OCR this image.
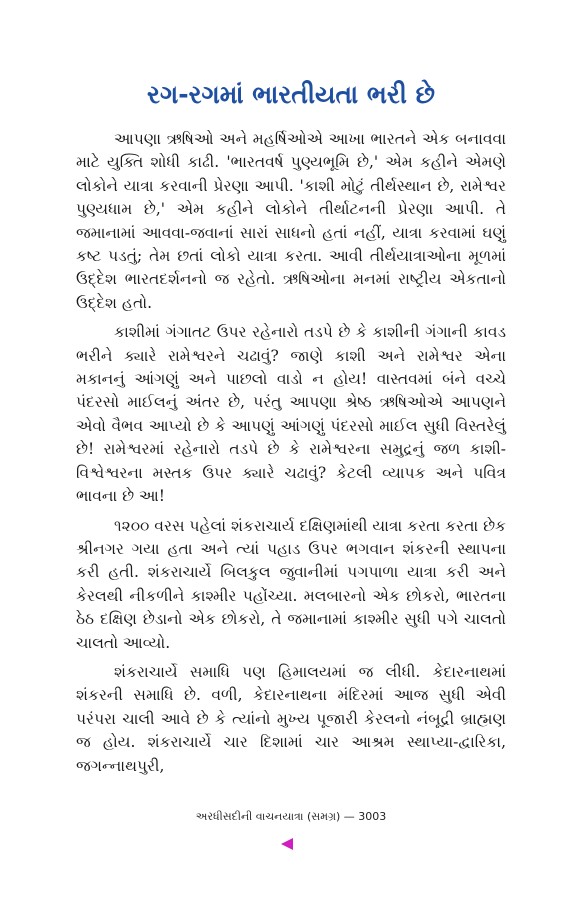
રગ-રગમાં ભારતીયતા ભરી છે

આપણા ઋષિઓ અને મહર્ષિઓએ આખા ભારતને એક બનાવવા માટે યુક્તિ શોધી કાઢી. 'ભારતવર્ષ પુણ્યભૂમિ છે,' એમ કહીને એમણે લોકોને યાત્રા કરવાની પ્રેરણા આપી. 'કાશી મોટું તીર્થસ્થાન છે, રામેશ્વર પુણ્યધામ છે,' એમ કહીને લોકોને તીર્થાટનની પ્રેરણા આપી. તે જમાનામાં આવવા-જવાનાં સારાં સાધનો હતાં નહીં, યાત્રા કરવામાં ઘણું કષ્ટ પડતું; તેમ છતાં લોકો યાત્રા કરતા. આવી તીર્થયાત્રાઓના મૂળમાં ઉદ્દેશ ભારતદર્શનનો જ રહેતો. ઋષિઓના મનમાં રાષ્ટ્રીય એકતાનો ઉદ્દેશ હતો.

કાશીમાં ગંગાતટ ઉપર રહેનારો તડપે છે કે કાશીની ગંગાની કાવડ ભરીને ક્યારે રામેશ્વરને ચઢાવું? જાણે કાશી અને રામેશ્વર એના મકાનનું આંગણું અને પાછલો વાડો ન હોય! વાસ્તવમાં બંને વચ્ચે પંદરસો માઈલનું અંતર છે, પરંતુ આપણા શ્રેષ્ઠ ઋષિઓએ આપણને એવો વૈભવ આપ્યો છે કે આપણું આંગણું પંદરસો માઈલ સુધી વિસ્તરેલું છે! રામેશ્વરમાં રહેનારો તડપે છે કે રામેશ્વરના સમુદ્રનું જળ કાશી-વિશ્વેશ્વરના મસ્તક ઉપર ક્યારે ચઢાવું? કેટલી વ્યાપક અને પવિત્ર ભાવના છે આ!

૧૨૦૦ વરસ પહેલાં શંકરાચાર્ય દક્ષિણમાંથી યાત્રા કરતા કરતા છેક શ્રીનગર ગયા હતા અને ત્યાં પહાડ ઉપર ભગવાન શંકરની સ્થાપના કરી હતી. શંકરાચાર્યે બિલકુલ જુવાનીમાં પગપાળા યાત્રા કરી અને કેરલથી નીકળીને કાશ્મીર પહોંચ્યા. મલબારનો એક છોકરો, ભારતના ઠેઠ દક્ષિણ છેડાનો એક છોકરો, તે જમાનામાં કાશ્મીર સુધી પગે ચાલતો ચાલતો આવ્યો.

શંકરાચાર્યે સમાધિ પણ હિમાલયમાં જ લીધી. કેદારનાથમાં શંકરની સમાધિ છે. વળી, કેદારનાથના મંદિરમાં આજ સુધી એવી પરંપરા ચાલી આવે છે કે ત્યાંનો મુખ્ય પૂજારી કેરલનો નંબૂદ્રી બ્રાહ્મણ જ હોય. શંકરાચાર્યે ચાર દિશામાં ચાર આશ્રમ સ્થાપ્યા-દ્વારિકા, જગન્નાથપુરી,

અરધીસદીની વાચનયાત્રા (સમગ્ર) — 3003
